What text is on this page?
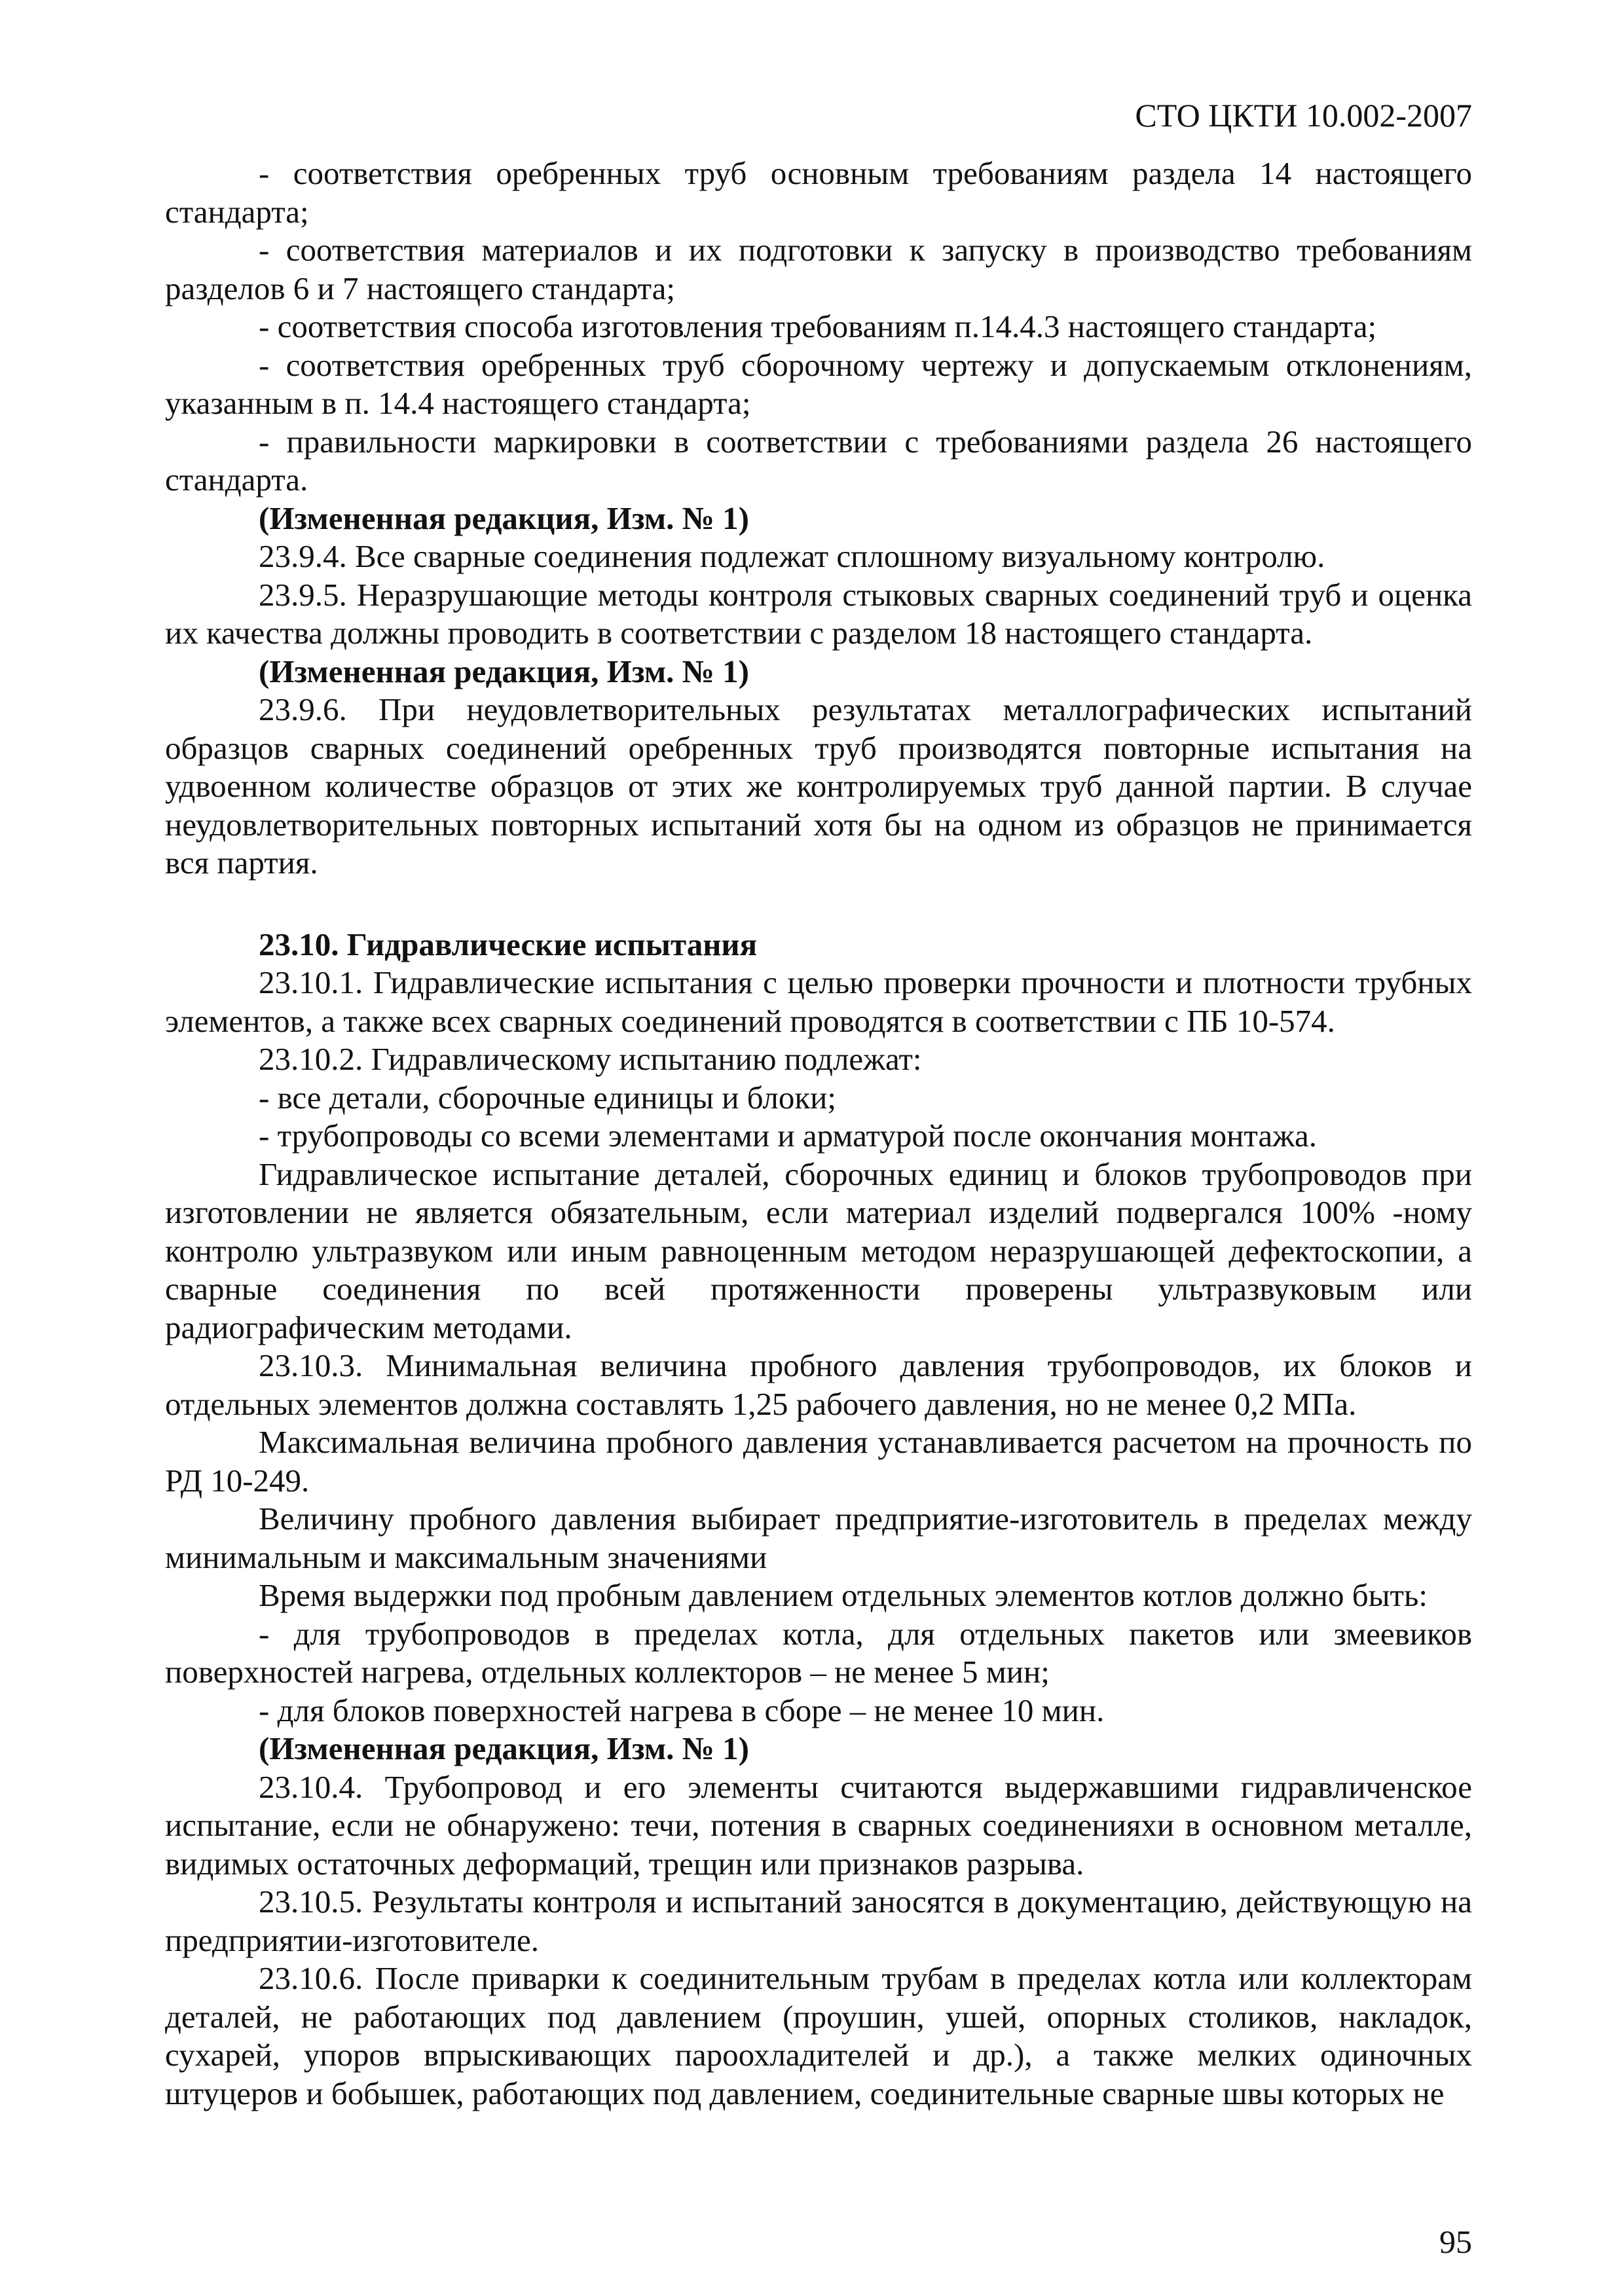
СТО ЦКТИ 10.002-2007

- соответствия оребренных труб основным требованиям раздела 14 настоящего стандарта;

- соответствия материалов и их подготовки к запуску в производство требованиям разделов 6 и 7 настоящего стандарта;

- соответствия способа изготовления требованиям п.14.4.3 настоящего стандарта;

- соответствия оребренных труб сборочному чертежу и допускаемым отклонениям, указанным в п. 14.4 настоящего стандарта;

- правильности маркировки в соответствии с требованиями раздела 26 настоящего стандарта.

(Измененная редакция, Изм. № 1)

23.9.4. Все сварные соединения подлежат сплошному визуальному контролю.

23.9.5. Неразрушающие методы контроля стыковых сварных соединений труб и оценка их качества должны проводить в соответствии с разделом 18 настоящего стандарта.

(Измененная редакция, Изм. № 1)

23.9.6. При неудовлетворительных результатах металлографических испытаний образцов сварных соединений оребренных труб производятся повторные испытания на удвоенном количестве образцов от этих же контролируемых труб данной партии. В случае неудовлетворительных повторных испытаний хотя бы на одном из образцов не принимается вся партия.

23.10. Гидравлические испытания

23.10.1. Гидравлические испытания с целью проверки прочности и плотности трубных элементов, а также всех сварных соединений проводятся в соответствии с ПБ 10-574.

23.10.2. Гидравлическому испытанию подлежат:

- все детали, сборочные единицы и блоки;

- трубопроводы со всеми элементами и арматурой после окончания монтажа.

Гидравлическое испытание деталей, сборочных единиц и блоков трубопроводов при изготовлении не является обязательным, если материал изделий подвергался 100% -ному контролю ультразвуком или иным равноценным методом неразрушающей дефектоскопии, а сварные соединения по всей протяженности проверены ультразвуковым или радиографическим методами.

23.10.3. Минимальная величина пробного давления трубопроводов, их блоков и отдельных элементов должна составлять 1,25 рабочего давления, но не менее 0,2 МПа.

Максимальная величина пробного давления устанавливается расчетом на прочность по РД 10-249.

Величину пробного давления выбирает предприятие-изготовитель в пределах между минимальным и максимальным значениями

Время выдержки под пробным давлением отдельных элементов котлов должно быть:

- для трубопроводов в пределах котла, для отдельных пакетов или змеевиков поверхностей нагрева, отдельных коллекторов – не менее 5 мин;

- для блоков поверхностей нагрева в сборе – не менее 10 мин.

(Измененная редакция, Изм. № 1)

23.10.4. Трубопровод и его элементы считаются выдержавшими гидравличенское испытание, если не обнаружено: течи, потения в сварных соединенияхи в основном металле, видимых остаточных деформаций, трещин или признаков разрыва.

23.10.5. Результаты контроля и испытаний заносятся в документацию, действующую на предприятии-изготовителе.

23.10.6. После приварки к соединительным трубам в пределах котла или коллекторам деталей, не работающих под давлением (проушин, ушей, опорных столиков, накладок, сухарей, упоров впрыскивающих пароохладителей и др.), а также мелких одиночных штуцеров и бобышек, работающих под давлением, соединительные сварные швы которых не

95
